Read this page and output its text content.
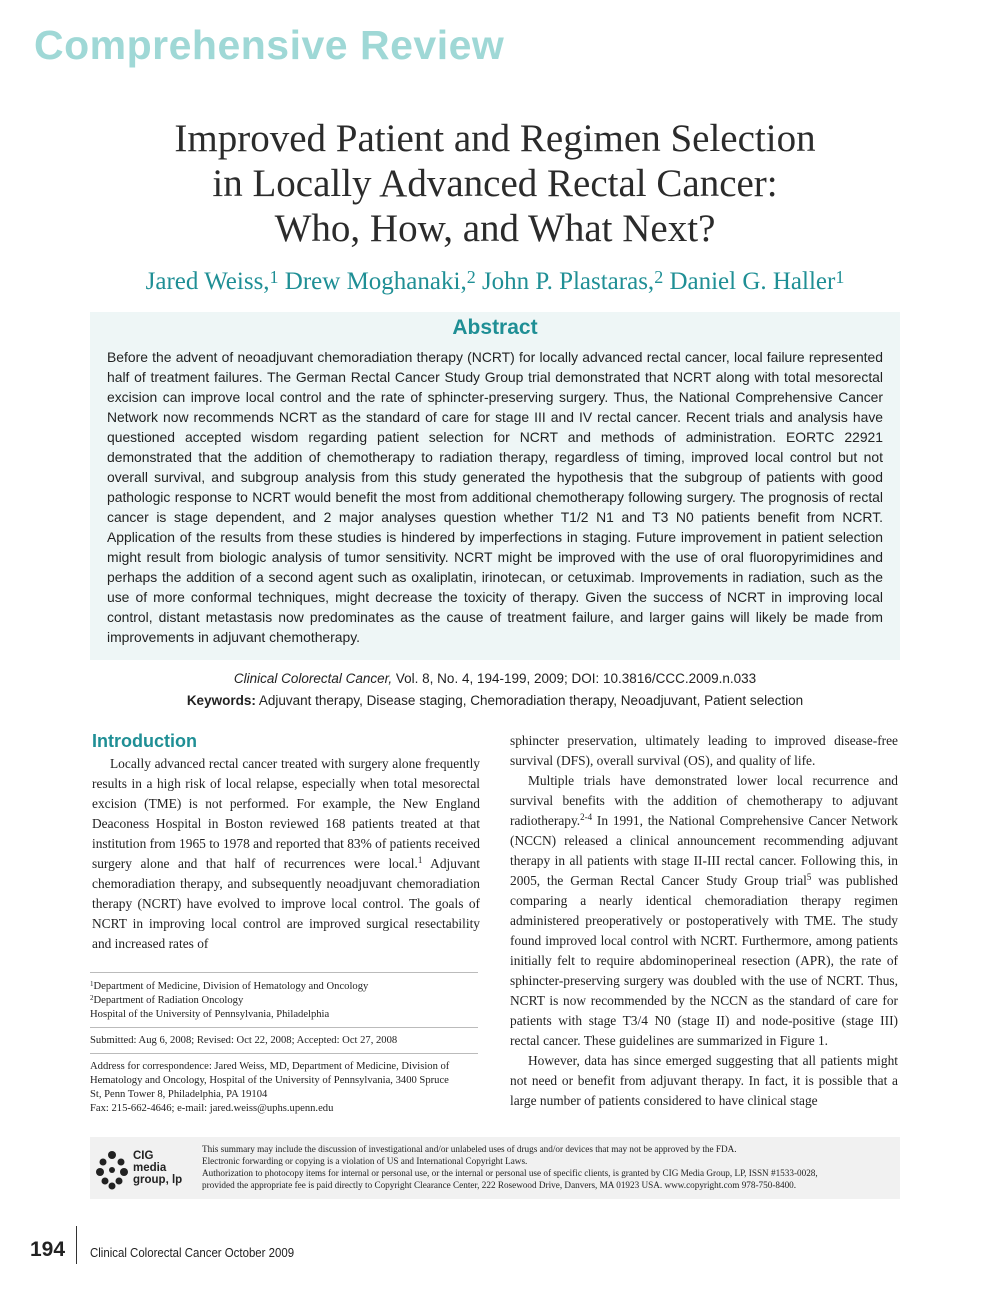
Comprehensive Review
Improved Patient and Regimen Selection
in Locally Advanced Rectal Cancer:
Who, How, and What Next?
Jared Weiss,$^1$ Drew Moghanaki,$^2$ John P. Plastaras,$^2$ Daniel G. Haller$^1$
Abstract
Before the advent of neoadjuvant chemoradiation therapy (NCRT) for locally advanced rectal cancer, local failure represented half of treatment failures. The German Rectal Cancer Study Group trial demonstrated that NCRT along with total mesorectal excision can improve local control and the rate of sphincter-preserving surgery. Thus, the National Comprehensive Cancer Network now recommends NCRT as the standard of care for stage III and IV rectal cancer. Recent trials and analysis have questioned accepted wisdom regarding patient selection for NCRT and methods of administration. EORTC 22921 demonstrated that the addition of chemotherapy to radiation therapy, regardless of timing, improved local control but not overall survival, and subgroup analysis from this study generated the hypothesis that the subgroup of patients with good pathologic response to NCRT would benefit the most from additional chemotherapy following surgery. The prognosis of rectal cancer is stage dependent, and 2 major analyses question whether T1/2 N1 and T3 N0 patients benefit from NCRT. Application of the results from these studies is hindered by imperfections in staging. Future improvement in patient selection might result from biologic analysis of tumor sensitivity. NCRT might be improved with the use of oral fluoropyrimidines and perhaps the addition of a second agent such as oxaliplatin, irinotecan, or cetuximab. Improvements in radiation, such as the use of more conformal techniques, might decrease the toxicity of therapy. Given the success of NCRT in improving local control, distant metastasis now predominates as the cause of treatment failure, and larger gains will likely be made from improvements in adjuvant chemotherapy.
Clinical Colorectal Cancer, Vol. 8, No. 4, 194-199, 2009; DOI: 10.3816/CCC.2009.n.033
Keywords: Adjuvant therapy, Disease staging, Chemoradiation therapy, Neoadjuvant, Patient selection
Introduction

Locally advanced rectal cancer treated with surgery alone frequently results in a high risk of local relapse, especially when total mesorectal excision (TME) is not performed. For example, the New England Deaconess Hospital in Boston reviewed 168 patients treated at that institution from 1965 to 1978 and reported that 83% of patients received surgery alone and that half of recurrences were local.$^1$ Adjuvant chemoradiation therapy, and subsequently neoadjuvant chemoradiation therapy (NCRT) have evolved to improve local control. The goals of NCRT in improving local control are improved surgical resectability and increased rates of

sphincter preservation, ultimately leading to improved disease-free survival (DFS), overall survival (OS), and quality of life.

Multiple trials have demonstrated lower local recurrence and survival benefits with the addition of chemotherapy to adjuvant radiotherapy.$^{2-4}$ In 1991, the National Comprehensive Cancer Network (NCCN) released a clinical announcement recommending adjuvant therapy in all patients with stage II-III rectal cancer. Following this, in 2005, the German Rectal Cancer Study Group trial$^5$ was published comparing a nearly identical chemoradiation therapy regimen administered preoperatively or postoperatively with TME. The study found improved local control with NCRT. Furthermore, among patients initially felt to require abdominoperineal resection (APR), the rate of sphincter-preserving surgery was doubled with the use of NCRT. Thus, NCRT is now recommended by the NCCN as the standard of care for patients with stage T3/4 N0 (stage II) and node-positive (stage III) rectal cancer. These guidelines are summarized in Figure 1.

However, data has since emerged suggesting that all patients might not need or benefit from adjuvant therapy. In fact, it is possible that a large number of patients considered to have clinical stage

$^1$Department of Medicine, Division of Hematology and Oncology
$^2$Department of Radiation Oncology
Hospital of the University of Pennsylvania, Philadelphia
Submitted: Aug 6, 2008; Revised: Oct 22, 2008; Accepted: Oct 27, 2008
Address for correspondence: Jared Weiss, MD, Department of Medicine, Division of
Hematology and Oncology, Hospital of the University of Pennsylvania, 3400 Spruce
St, Penn Tower 8, Philadelphia, PA 19104
Fax: 215-662-4646; e-mail: jared.weiss@uphs.upenn.edu
CIG
media
group, lp
This summary may include the discussion of investigational and/or unlabeled uses of drugs and/or devices that may not be approved by the FDA.
Electronic forwarding or copying is a violation of US and International Copyright Laws.
Authorization to photocopy items for internal or personal use, or the internal or personal use of specific clients, is granted by CIG Media Group, LP, ISSN #1533-0028,
provided the appropriate fee is paid directly to Copyright Clearance Center, 222 Rosewood Drive, Danvers, MA 01923 USA. www.copyright.com 978-750-8400.
194 Clinical Colorectal Cancer October 2009
